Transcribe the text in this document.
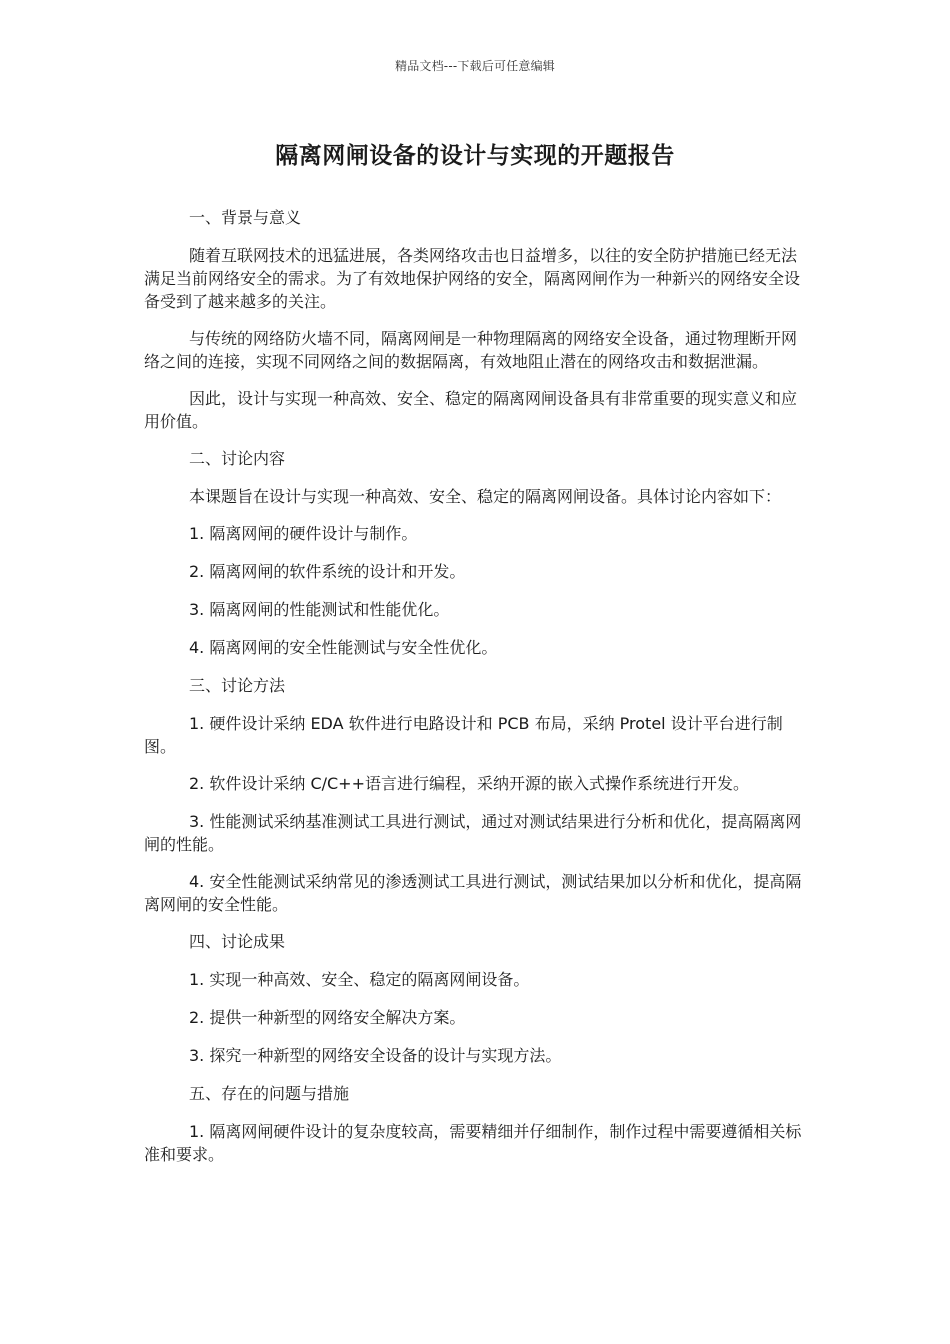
精品文档---下载后可任意编辑
隔离网闸设备的设计与实现的开题报告

一、背景与意义

随着互联网技术的迅猛进展，各类网络攻击也日益增多，以往的安全防护措施已经无法满足当前网络安全的需求。为了有效地保护网络的安全，隔离网闸作为一种新兴的网络安全设备受到了越来越多的关注。

与传统的网络防火墙不同，隔离网闸是一种物理隔离的网络安全设备，通过物理断开网络之间的连接，实现不同网络之间的数据隔离，有效地阻止潜在的网络攻击和数据泄漏。

因此，设计与实现一种高效、安全、稳定的隔离网闸设备具有非常重要的现实意义和应用价值。

二、讨论内容

本课题旨在设计与实现一种高效、安全、稳定的隔离网闸设备。具体讨论内容如下：

1. 隔离网闸的硬件设计与制作。

2. 隔离网闸的软件系统的设计和开发。

3. 隔离网闸的性能测试和性能优化。

4. 隔离网闸的安全性能测试与安全性优化。

三、讨论方法

1. 硬件设计采纳 EDA 软件进行电路设计和 PCB 布局，采纳 Protel 设计平台进行制图。

2. 软件设计采纳 C/C++语言进行编程，采纳开源的嵌入式操作系统进行开发。

3. 性能测试采纳基准测试工具进行测试，通过对测试结果进行分析和优化，提高隔离网闸的性能。

4. 安全性能测试采纳常见的渗透测试工具进行测试，测试结果加以分析和优化，提高隔离网闸的安全性能。

四、讨论成果

1. 实现一种高效、安全、稳定的隔离网闸设备。

2. 提供一种新型的网络安全解决方案。

3. 探究一种新型的网络安全设备的设计与实现方法。

五、存在的问题与措施

1. 隔离网闸硬件设计的复杂度较高，需要精细并仔细制作，制作过程中需要遵循相关标准和要求。
